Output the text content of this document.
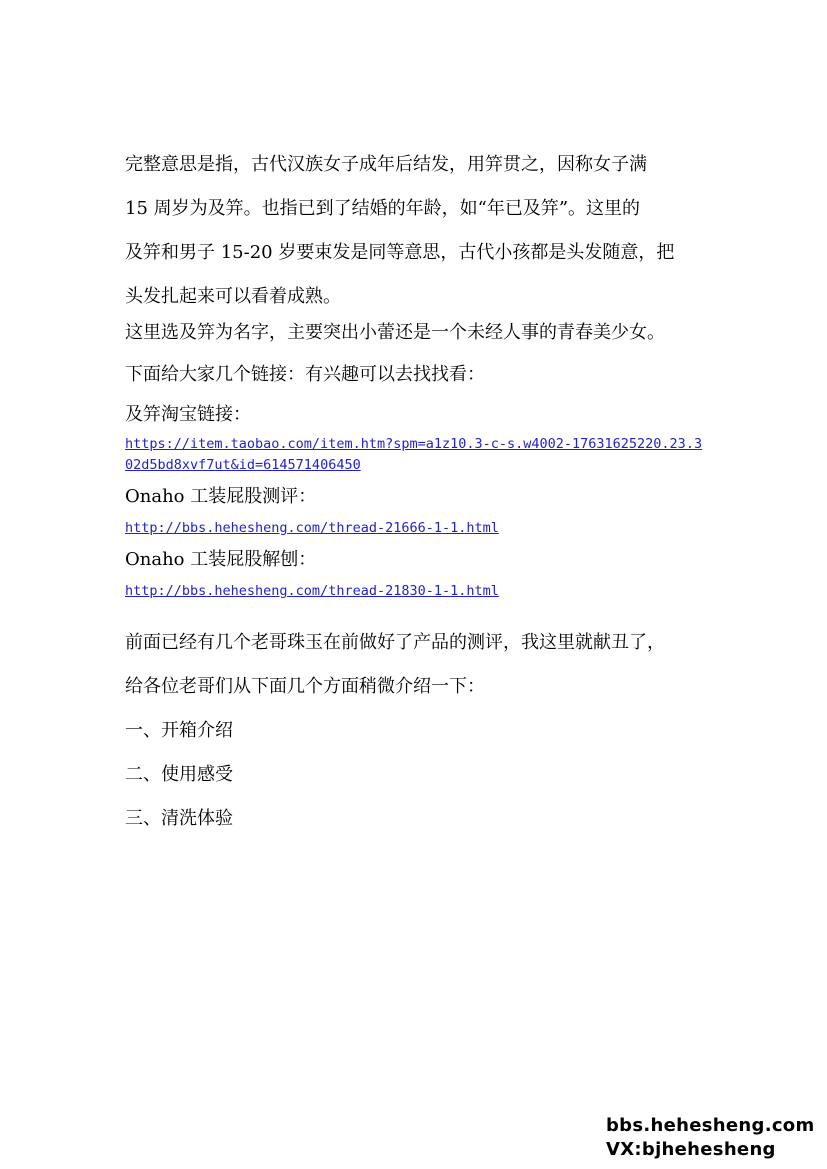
完整意思是指，古代汉族女子成年后结发，用笄贯之，因称女子满

15 周岁为及笄。也指已到了结婚的年龄，如“年已及笄”。这里的

及笄和男子 15-20 岁要束发是同等意思，古代小孩都是头发随意，把

头发扎起来可以看着成熟。

这里选及笄为名字，主要突出小蕾还是一个未经人事的青春美少女。

下面给大家几个链接：有兴趣可以去找找看：

及笄淘宝链接：

https://item.taobao.com/item.htm?spm=a1z10.3-c-s.w4002-17631625220.23.302d5bd8xvf7ut&id=614571406450

Onaho 工装屁股测评：

http://bbs.hehesheng.com/thread-21666-1-1.html

Onaho 工装屁股解刨：

http://bbs.hehesheng.com/thread-21830-1-1.html

前面已经有几个老哥珠玉在前做好了产品的测评，我这里就献丑了，

给各位老哥们从下面几个方面稍微介绍一下：

一、开箱介绍

二、使用感受

三、清洗体验

bbs.hehesheng.com
VX:bjhehesheng
